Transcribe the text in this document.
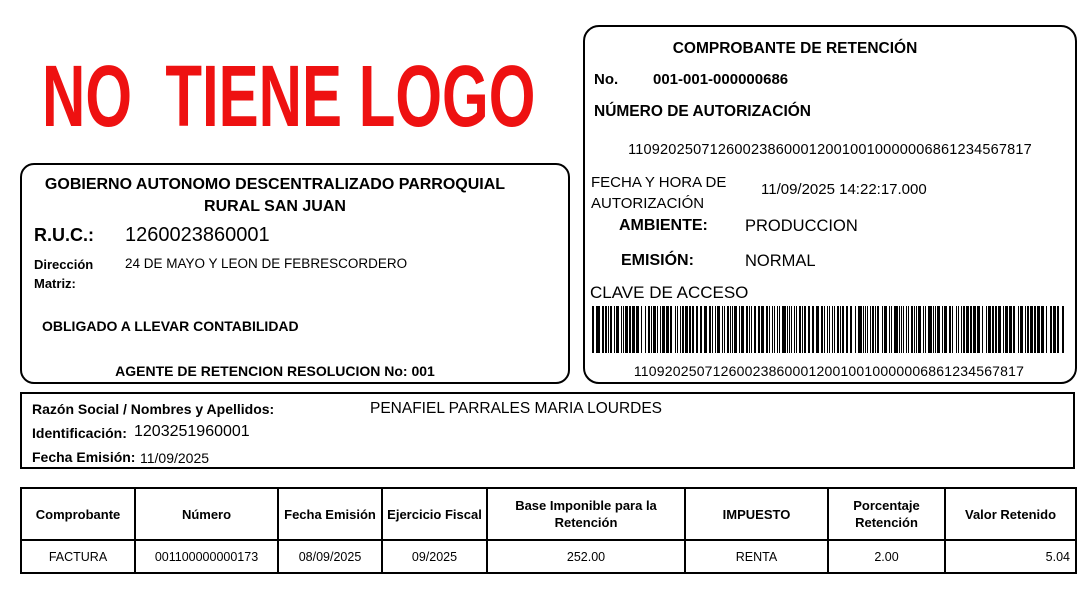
NO  TIENE LOGO
GOBIERNO AUTONOMO DESCENTRALIZADO PARROQUIAL
RURAL SAN JUAN
R.U.C.: 1260023860001
Dirección Matriz:
24 DE MAYO Y LEON DE FEBRESCORDERO
OBLIGADO A LLEVAR CONTABILIDAD
AGENTE DE RETENCION RESOLUCION No: 001
COMPROBANTE DE RETENCIÓN
No. 001-001-000000686
NÚMERO DE AUTORIZACIÓN
1109202507126002386000120010010000006861234567817
FECHA Y HORA DE AUTORIZACIÓN
11/09/2025 14:22:17.000
AMBIENTE: PRODUCCION
EMISIÓN:	NORMAL
CLAVE DE ACCESO
1109202507126002386000120010010000006861234567817
Razón Social / Nombres y Apellidos:	PENAFIEL PARRALES MARIA LOURDES
Identificación: 1203251960001
Fecha Emisión: 11/09/2025
Comprobante	Número	Fecha Emisión	Ejercicio Fiscal	Base Imponible para la Retención	IMPUESTO	Porcentaje Retención	Valor Retenido
FACTURA	001100000000173	08/09/2025	09/2025	252.00	RENTA	2.00	5.04
